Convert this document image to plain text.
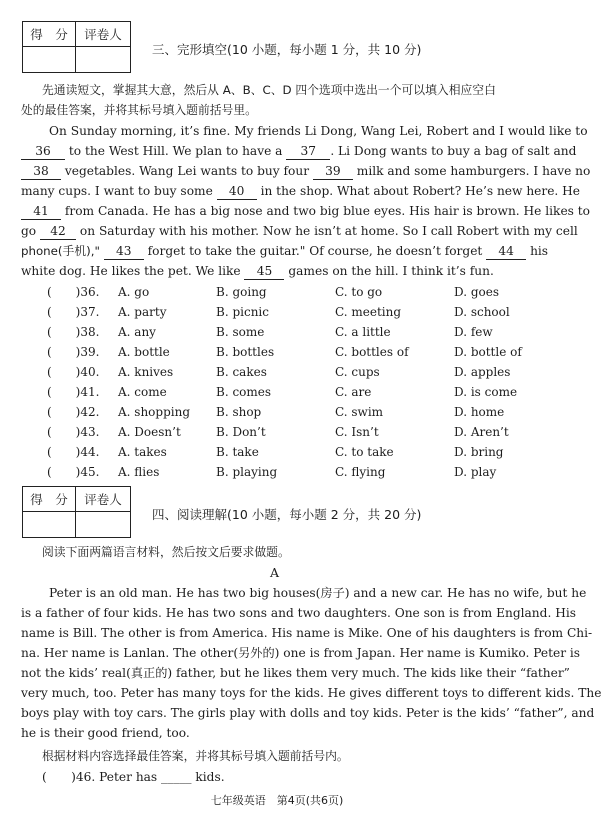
得　分	评卷人

三、完形填空(10 小题，每小题 1 分，共 10 分)
先通读短文，掌握其大意，然后从 A、B、C、D 四个选项中选出一个可以填入相应空白
处的最佳答案，并将其标号填入题前括号里。
On Sunday morning, it’s fine. My friends Li Dong, Wang Lei, Robert and I would like to
36 to the West Hill. We plan to have a 37 . Li Dong wants to buy a bag of salt and
38 vegetables. Wang Lei wants to buy four 39 milk and some hamburgers. I have no
many cups. I want to buy some 40 in the shop. What about Robert? He’s new here. He
41 from Canada. He has a big nose and two big blue eyes. His hair is brown. He likes to
go 42 on Saturday with his mother. Now he isn’t at home. So I call Robert with my cell
phone(手机)," 43 forget to take the guitar." Of course, he doesn’t forget 44 his
white dog. He likes the pet. We like 45 games on the hill. I think it’s fun.
(　　)36. A. go	B. going	C. to go	D. goes
(　　)37. A. party	B. picnic	C. meeting	D. school
(　　)38. A. any	B. some	C. a little	D. few
(　　)39. A. bottle	B. bottles	C. bottles of	D. bottle of
(　　)40. A. knives	B. cakes	C. cups	D. apples
(　　)41. A. come	B. comes	C. are	D. is come
(　　)42. A. shopping B. shop	C. swim	D. home
(　　)43. A. Doesn’t	B. Don’t	C. Isn’t	D. Aren’t
(　　)44. A. takes	B. take	C. to take	D. bring
(　　)45. A. flies	B. playing	C. flying	D. play
得　分	评卷人

四、阅读理解(10 小题，每小题 2 分，共 20 分)
阅读下面两篇语言材料，然后按文后要求做题。
A
Peter is an old man. He has two big houses(房子) and a new car. He has no wife, but he
is a father of four kids. He has two sons and two daughters. One son is from England. His
name is Bill. The other is from America. His name is Mike. One of his daughters is from Chi-
na. Her name is Lanlan. The other(另外的) one is from Japan. Her name is Kumiko. Peter is
not the kids’ real(真正的) father, but he likes them very much. The kids like their “father”
very much, too. Peter has many toys for the kids. He gives different toys to different kids. The
boys play with toy cars. The girls play with dolls and toy kids. Peter is the kids’ “father”, and
he is their good friend, too.
根据材料内容选择最佳答案，并将其标号填入题前括号内。
(　　)46. Peter has _____ kids.
七年级英语　第4页(共6页)
